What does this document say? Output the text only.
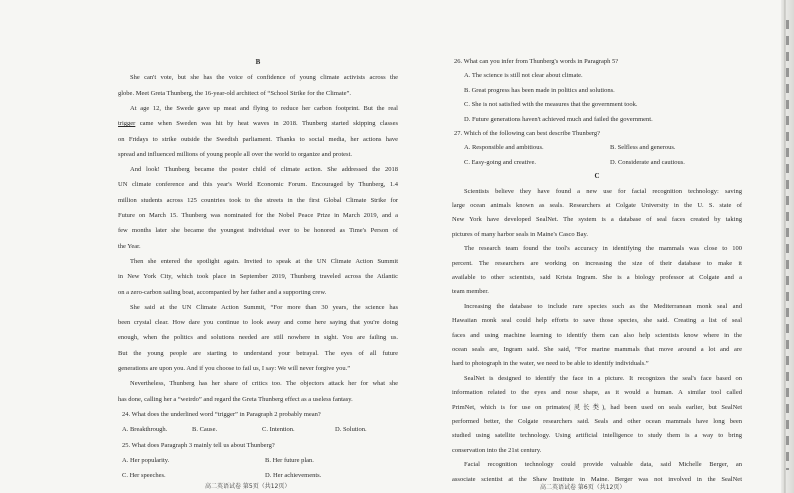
B
She can't vote, but she has the voice of confidence of young climate activists across the
globe. Meet Greta Thunberg, the 16-year-old architect of “School Strike for the Climate”.
At age 12, the Swede gave up meat and flying to reduce her carbon footprint. But the real
trigger came when Sweden was hit by heat waves in 2018. Thunberg started skipping classes
on Fridays to strike outside the Swedish parliament. Thanks to social media, her actions have
spread and influenced millions of young people all over the world to organize and protest.
And look! Thunberg became the poster child of climate action. She addressed the 2018
UN climate conference and this year's World Economic Forum. Encouraged by Thunberg, 1.4
million students across 125 countries took to the streets in the first Global Climate Strike for
Future on March 15. Thunberg was nominated for the Nobel Peace Prize in March 2019, and a
few months later she became the youngest individual ever to be honored as Time's Person of
the Year.
Then she entered the spotlight again. Invited to speak at the UN Climate Action Summit
in New York City, which took place in September 2019, Thunberg traveled across the Atlantic
on a zero-carbon sailing boat, accompanied by her father and a supporting crew.
She said at the UN Climate Action Summit, “For more than 30 years, the science has
been crystal clear. How dare you continue to look away and come here saying that you're doing
enough, when the politics and solutions needed are still nowhere in sight. You are failing us.
But the young people are starting to understand your betrayal. The eyes of all future
generations are upon you. And if you choose to fail us, I say: We will never forgive you.”
Nevertheless, Thunberg has her share of critics too. The objectors attack her for what she
has done, calling her a “weirdo” and regard the Greta Thunberg effect as a useless fantasy.
24. What does the underlined word “trigger” in Paragraph 2 probably mean?
A. Breakthrough.	B. Cause.	C. Intention.	D. Solution.
25. What does Paragraph 3 mainly tell us about Thunberg?
A. Her popularity.	B. Her future plan.
C. Her speeches.	D. Her achievements.
26. What can you infer from Thunberg's words in Paragraph 5?
A. The science is still not clear about climate.
B. Great progress has been made in politics and solutions.
C. She is not satisfied with the measures that the government took.
D. Future generations haven't achieved much and failed the government.
27. Which of the following can best describe Thunberg?
A. Responsible and ambitious.	B. Selfless and generous.
C. Easy-going and creative.	D. Considerate and cautious.
C
Scientists believe they have found a new use for facial recognition technology: saving
large ocean animals known as seals. Researchers at Colgate University in the U. S. state of
New York have developed SealNet. The system is a database of seal faces created by taking
pictures of many harbor seals in Maine's Casco Bay.
The research team found the tool's accuracy in identifying the mammals was close to 100
percent. The researchers are working on increasing the size of their database to make it
available to other scientists, said Krista Ingram. She is a biology professor at Colgate and a
team member.
Increasing the database to include rare species such as the Mediterranean monk seal and
Hawaiian monk seal could help efforts to save those species, she said. Creating a list of seal
faces and using machine learning to identify them can also help scientists know where in the
ocean seals are, Ingram said. She said, “For marine mammals that move around a lot and are
hard to photograph in the water, we need to be able to identify individuals.”
SealNet is designed to identify the face in a picture. It recognizes the seal's face based on
information related to the eyes and nose shape, as it would a human. A similar tool called
PrimNet, which is for use on primates(灵长类), had been used on seals earlier, but SealNet
performed better, the Colgate researchers said. Seals and other ocean mammals have long been
studied using satellite technology. Using artificial intelligence to study them is a way to bring
conservation into the 21st century.
Facial recognition technology could provide valuable data, said Michelle Berger, an
associate scientist at the Shaw Institute in Maine. Berger was not involved in the SealNet
高二英语试卷 第5页（共12页）	高二英语试卷 第6页（共12页）
